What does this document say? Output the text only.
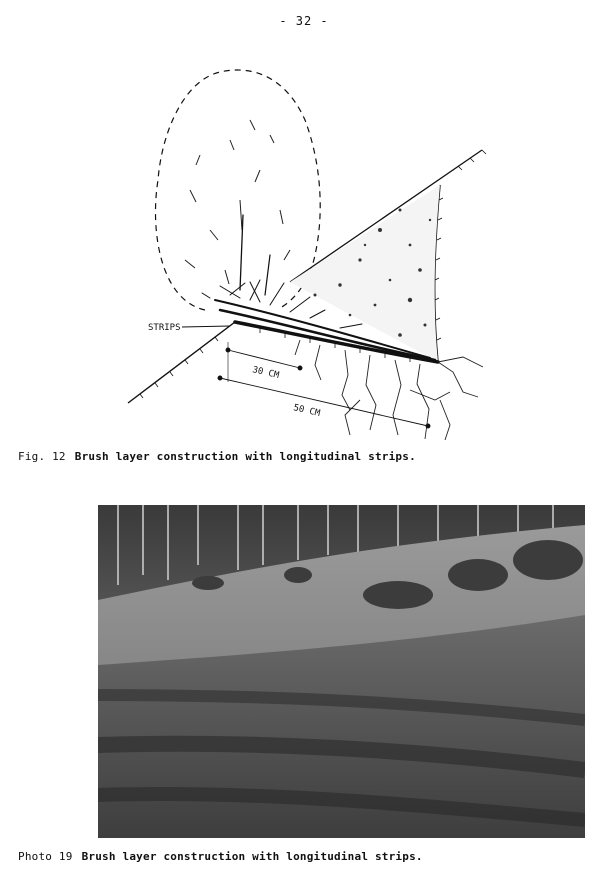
- 32 -
STRIPS
30 CM
50 CM
Fig. 12 Brush layer construction with longitudinal strips.
Photo 19 Brush layer construction with longitudinal strips.
